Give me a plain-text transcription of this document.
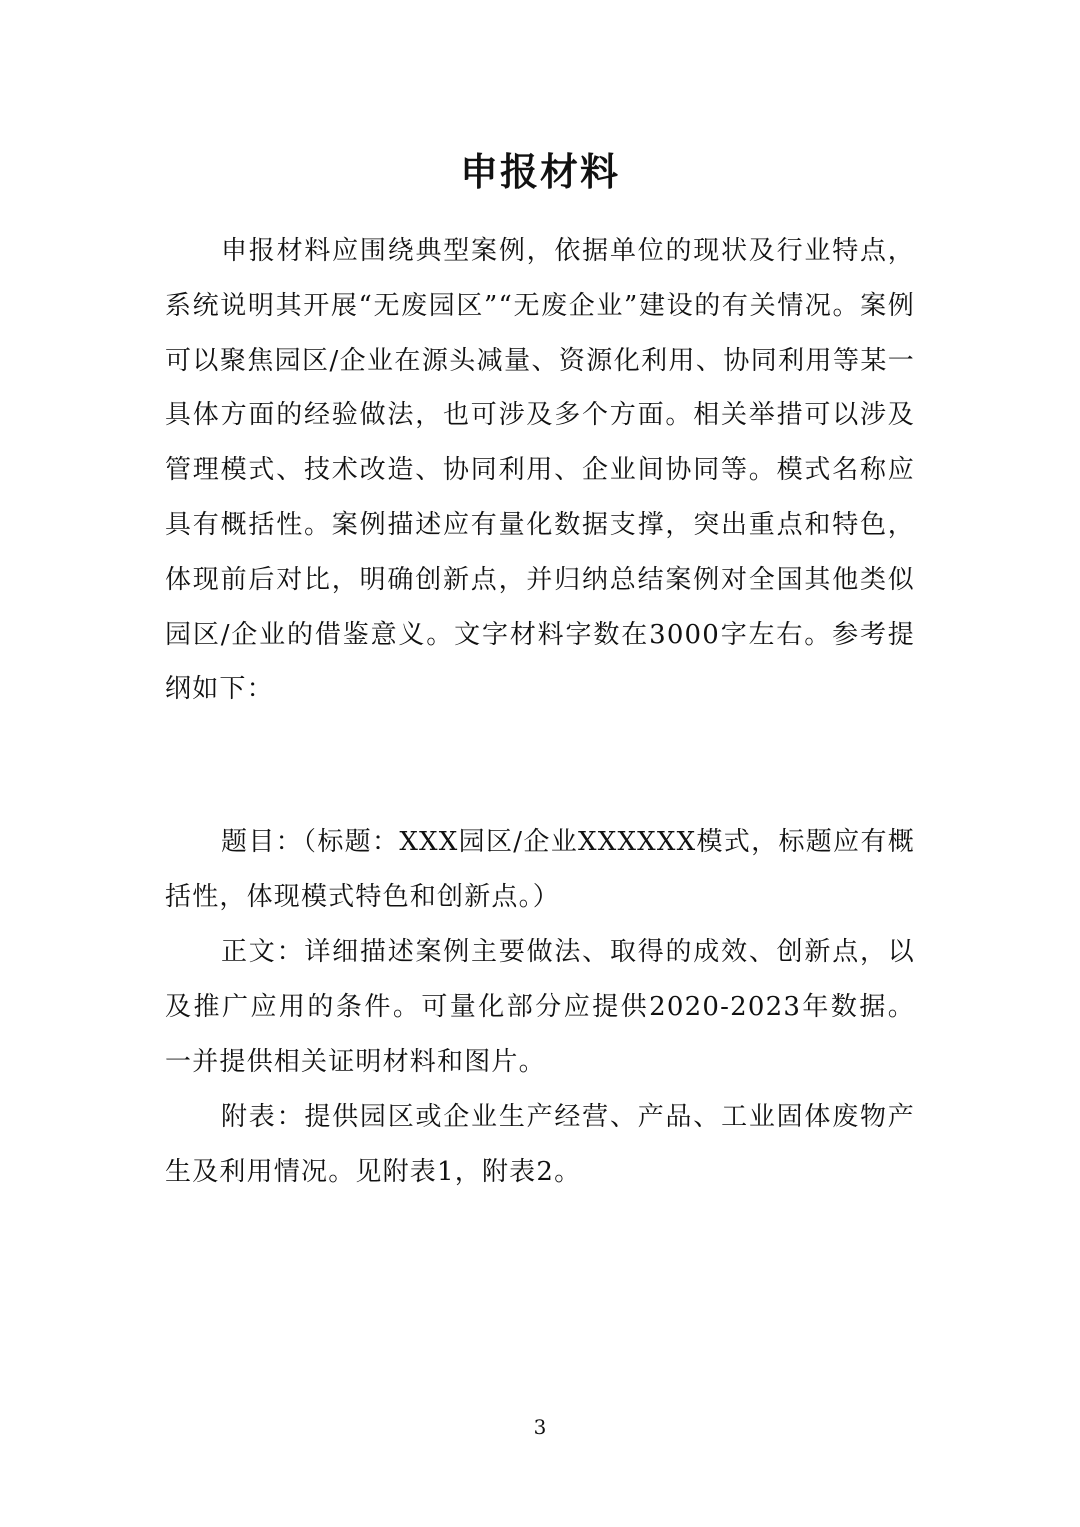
申报材料

申报材料应围绕典型案例，依据单位的现状及行业特点，系统说明其开展“无废园区”“无废企业”建设的有关情况。案例可以聚焦园区/企业在源头减量、资源化利用、协同利用等某一具体方面的经验做法，也可涉及多个方面。相关举措可以涉及管理模式、技术改造、协同利用、企业间协同等。模式名称应具有概括性。案例描述应有量化数据支撑，突出重点和特色，体现前后对比，明确创新点，并归纳总结案例对全国其他类似园区/企业的借鉴意义。文字材料字数在3000字左右。参考提纲如下：

题目：（标题：XXX园区/企业XXXXXX模式，标题应有概括性，体现模式特色和创新点。）

正文：详细描述案例主要做法、取得的成效、创新点，以及推广应用的条件。可量化部分应提供2020-2023年数据。一并提供相关证明材料和图片。

附表：提供园区或企业生产经营、产品、工业固体废物产生及利用情况。见附表1，附表2。

3
